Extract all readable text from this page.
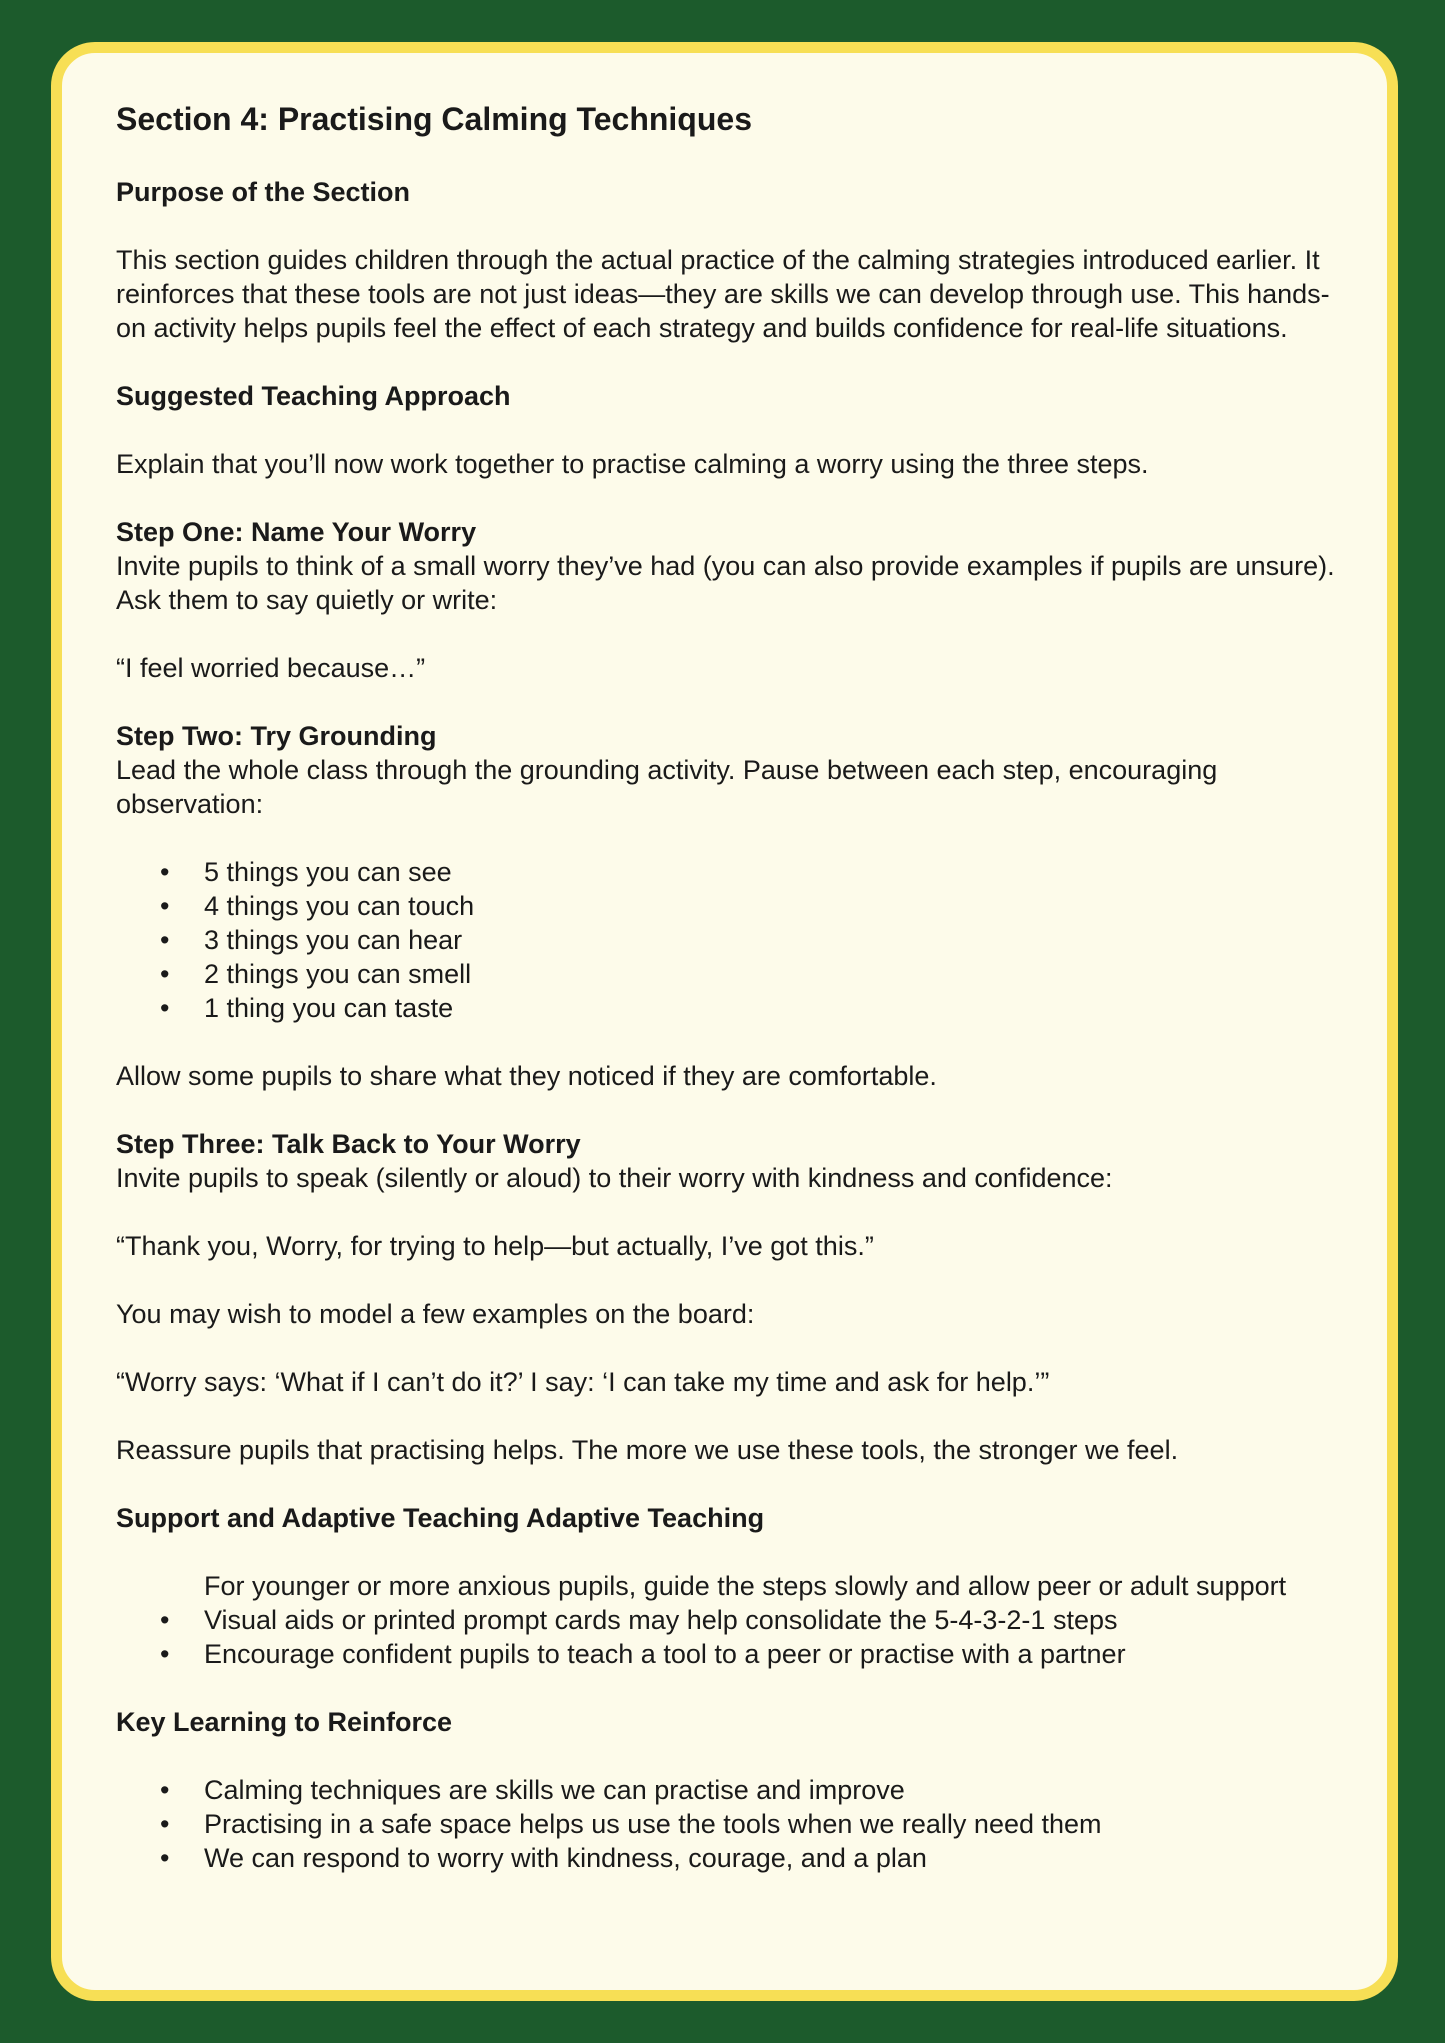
Section 4: Practising Calming Techniques
Purpose of the Section

This section guides children through the actual practice of the calming strategies introduced earlier. It reinforces that these tools are not just ideas—they are skills we can develop through use. This hands-on activity helps pupils feel the effect of each strategy and builds confidence for real-life situations.

Suggested Teaching Approach

Explain that you’ll now work together to practise calming a worry using the three steps.

Step One: Name Your Worry

Invite pupils to think of a small worry they’ve had (you can also provide examples if pupils are unsure). Ask them to say quietly or write:

“I feel worried because…”

Step Two: Try Grounding

Lead the whole class through the grounding activity. Pause between each step, encouraging observation:

• 5 things you can see
• 4 things you can touch
• 3 things you can hear
• 2 things you can smell
• 1 thing you can taste

Allow some pupils to share what they noticed if they are comfortable.

Step Three: Talk Back to Your Worry

Invite pupils to speak (silently or aloud) to their worry with kindness and confidence:

“Thank you, Worry, for trying to help—but actually, I’ve got this.”

You may wish to model a few examples on the board:

“Worry says: ‘What if I can’t do it?’ I say: ‘I can take my time and ask for help.’”

Reassure pupils that practising helps. The more we use these tools, the stronger we feel.

Support and Adaptive Teaching Adaptive Teaching
For younger or more anxious pupils, guide the steps slowly and allow peer or adult support
• Visual aids or printed prompt cards may help consolidate the 5-4-3-2-1 steps
• Encourage confident pupils to teach a tool to a peer or practise with a partner
Key Learning to Reinforce
• Calming techniques are skills we can practise and improve
• Practising in a safe space helps us use the tools when we really need them
• We can respond to worry with kindness, courage, and a plan
